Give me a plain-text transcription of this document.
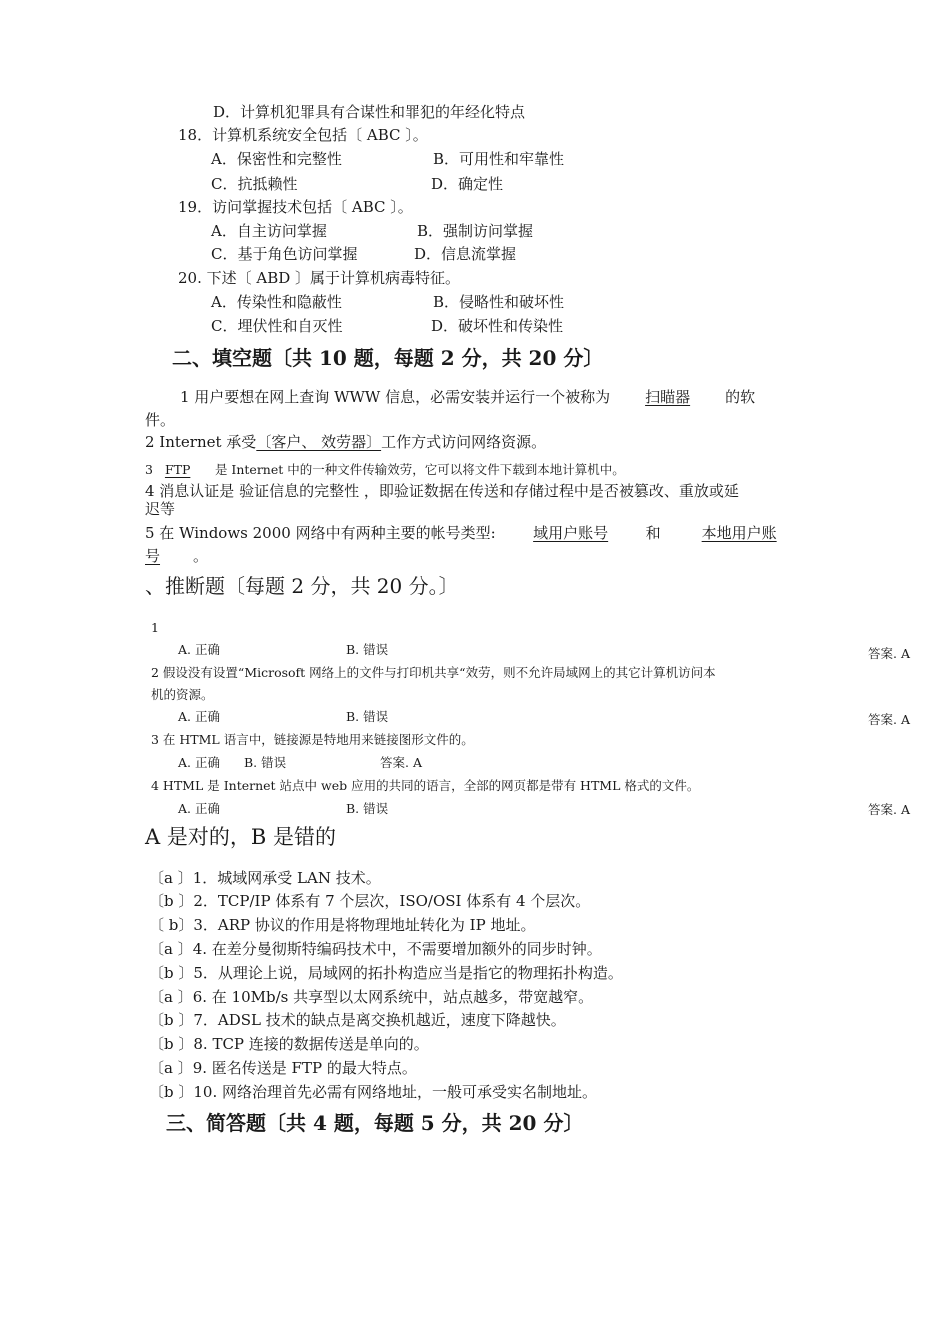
D．计算机犯罪具有合谋性和罪犯的年经化特点
18．计算机系统安全包括〔 ABC 〕。
A．保密性和完整性	B．可用性和牢靠性
C．抗抵赖性	D．确定性
19．访问掌握技术包括〔 ABC 〕。
A．自主访问掌握	B．强制访问掌握
C．基于角色访问掌握	D．信息流掌握
20. 下述〔 ABD 〕属于计算机病毒特征。
A．传染性和隐蔽性	B．侵略性和破坏性
C．埋伏性和自灭性	D．破坏性和传染性
二、填空题〔共 10 题，每题 2 分，共 20 分〕
1 用户要想在网上查询 WWW 信息，必需安装并运行一个被称为 扫瞄器 的软
件。
2 Internet 承受〔客户、 效劳器〕工作方式访问网络资源。
3 FTP 是 Internet 中的一种文件传输效劳，它可以将文件下载到本地计算机中。
4 消息认证是 验证信息的完整性 ，即验证数据在传送和存储过程中是否被篡改、重放或延
迟等
5 在 Windows 2000 网络中有两种主要的帐号类型: 域用户账号	和	本地用户账
号 。
、推断题〔每题 2 分，共 20 分。〕
1
A. 正确	B. 错误	答案. A
2 假设没有设置“Microsoft 网络上的文件与打印机共享“效劳，则不允许局域网上的其它计算机访问本
机的资源。
A. 正确	B. 错误	答案. A
3 在 HTML 语言中，链接源是特地用来链接图形文件的。
A. 正确 B. 错误	答案. A
4 HTML 是 Internet 站点中 web 应用的共同的语言，全部的网页都是带有 HTML 格式的文件。
A. 正确	B. 错误	答案. A
A 是对的，B 是错的
〔a 〕1．城域网承受 LAN 技术。
〔b 〕2．TCP/IP 体系有 7 个层次，ISO/OSI 体系有 4 个层次。
〔 b〕3．ARP 协议的作用是将物理地址转化为 IP 地址。
〔a 〕4. 在差分曼彻斯特编码技术中，不需要增加额外的同步时钟。
〔b 〕5．从理论上说，局域网的拓扑构造应当是指它的物理拓扑构造。
〔a 〕6. 在 10Mb/s 共享型以太网系统中，站点越多，带宽越窄。
〔b 〕7．ADSL 技术的缺点是离交换机越近，速度下降越快。
〔b 〕8. TCP 连接的数据传送是单向的。
〔a 〕9. 匿名传送是 FTP 的最大特点。
〔b 〕10. 网络治理首先必需有网络地址，一般可承受实名制地址。
三、简答题〔共 4 题，每题 5 分，共 20 分〕
